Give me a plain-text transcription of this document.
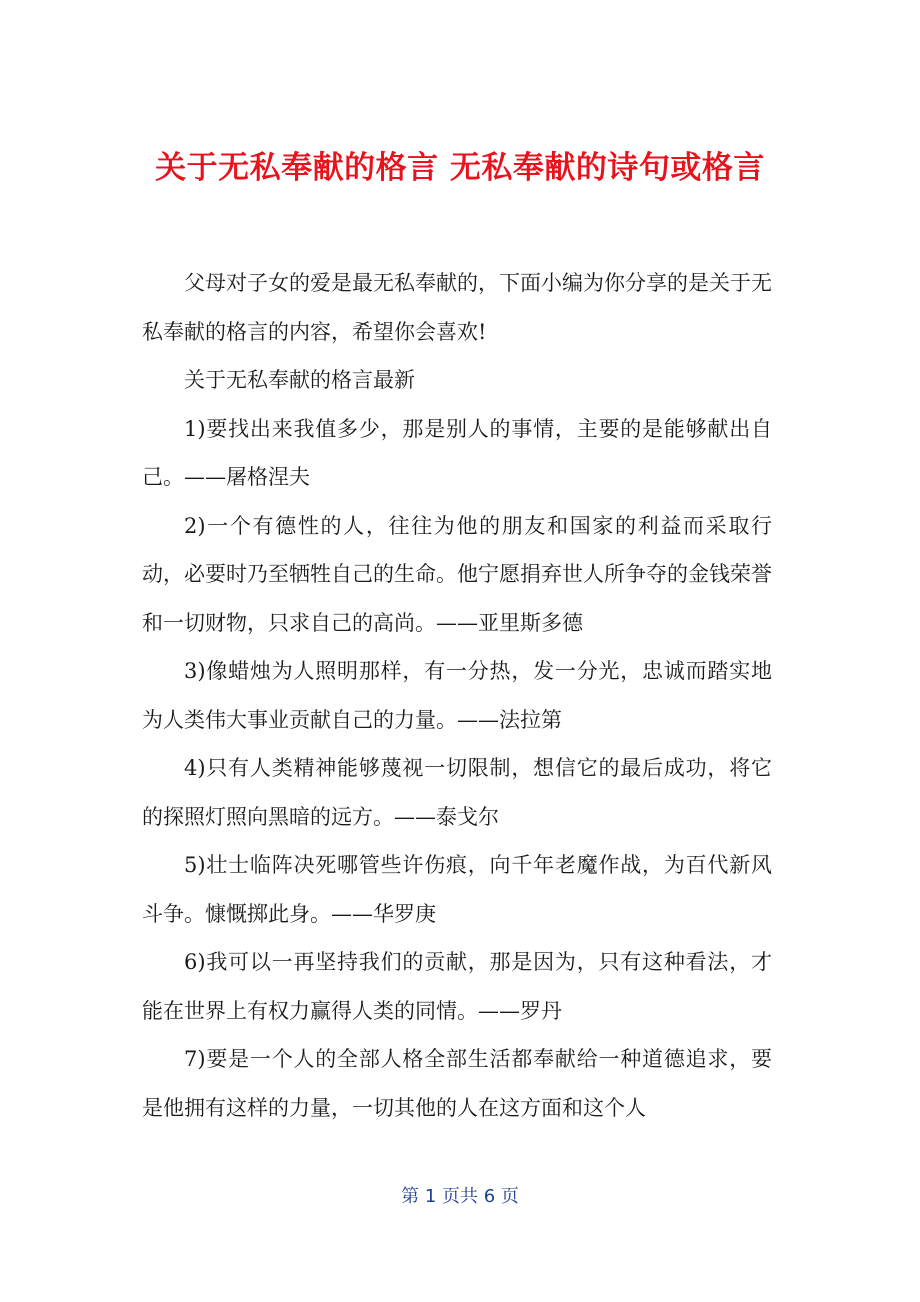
关于无私奉献的格言 无私奉献的诗句或格言

父母对子女的爱是最无私奉献的，下面小编为你分享的是关于无私奉献的格言的内容，希望你会喜欢!

关于无私奉献的格言最新

1)要找出来我值多少，那是别人的事情，主要的是能够献出自己。——屠格涅夫

2)一个有德性的人，往往为他的朋友和国家的利益而采取行动，必要时乃至牺牲自己的生命。他宁愿捐弃世人所争夺的金钱荣誉和一切财物，只求自己的高尚。——亚里斯多德

3)像蜡烛为人照明那样，有一分热，发一分光，忠诚而踏实地为人类伟大事业贡献自己的力量。——法拉第

4)只有人类精神能够蔑视一切限制，想信它的最后成功，将它的探照灯照向黑暗的远方。——泰戈尔

5)壮士临阵决死哪管些许伤痕，向千年老魔作战，为百代新风斗争。慷慨掷此身。——华罗庚

6)我可以一再坚持我们的贡献，那是因为，只有这种看法，才能在世界上有权力赢得人类的同情。——罗丹

7)要是一个人的全部人格全部生活都奉献给一种道德追求，要是他拥有这样的力量，一切其他的人在这方面和这个人

第 1 页共 6 页
